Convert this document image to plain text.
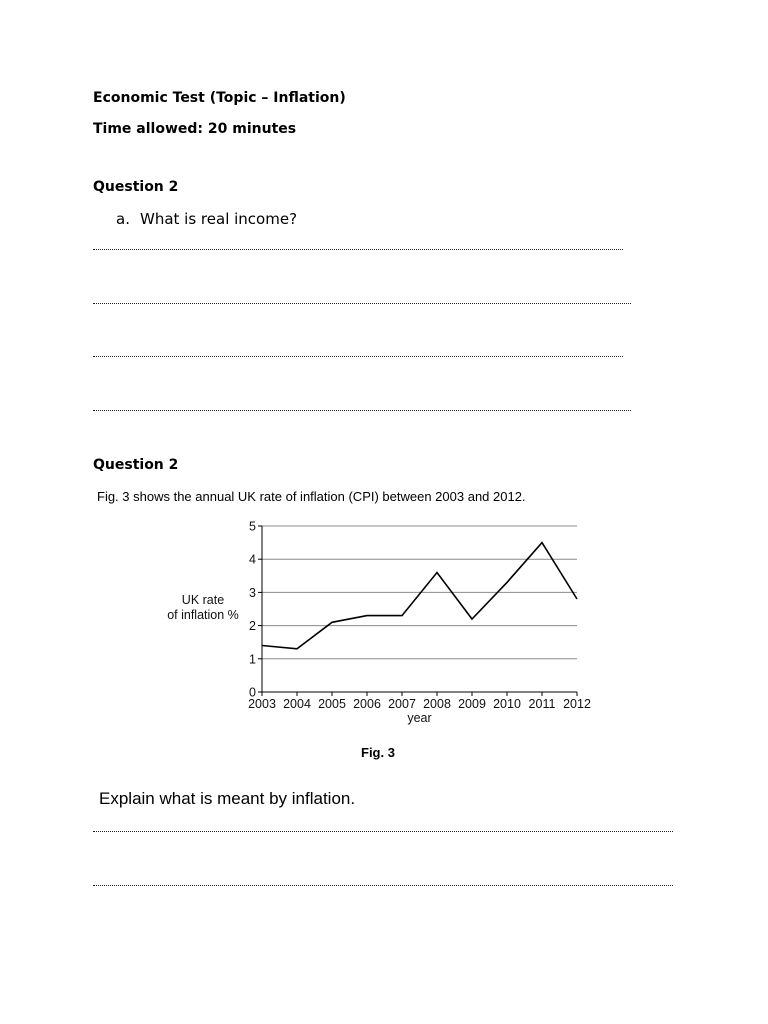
Economic Test (Topic – Inflation)
Time allowed: 20 minutes
Question 2
a. What is real income?
Question 2
Fig. 3 shows the annual UK rate of inflation (CPI) between 2003 and 2012.
0
1
2
3
4
5
2003 2004 2005 2006 2007 2008 2009 2010 2011 2012
UK rate
of inflation %
year
Fig. 3
Explain what is meant by inflation.
